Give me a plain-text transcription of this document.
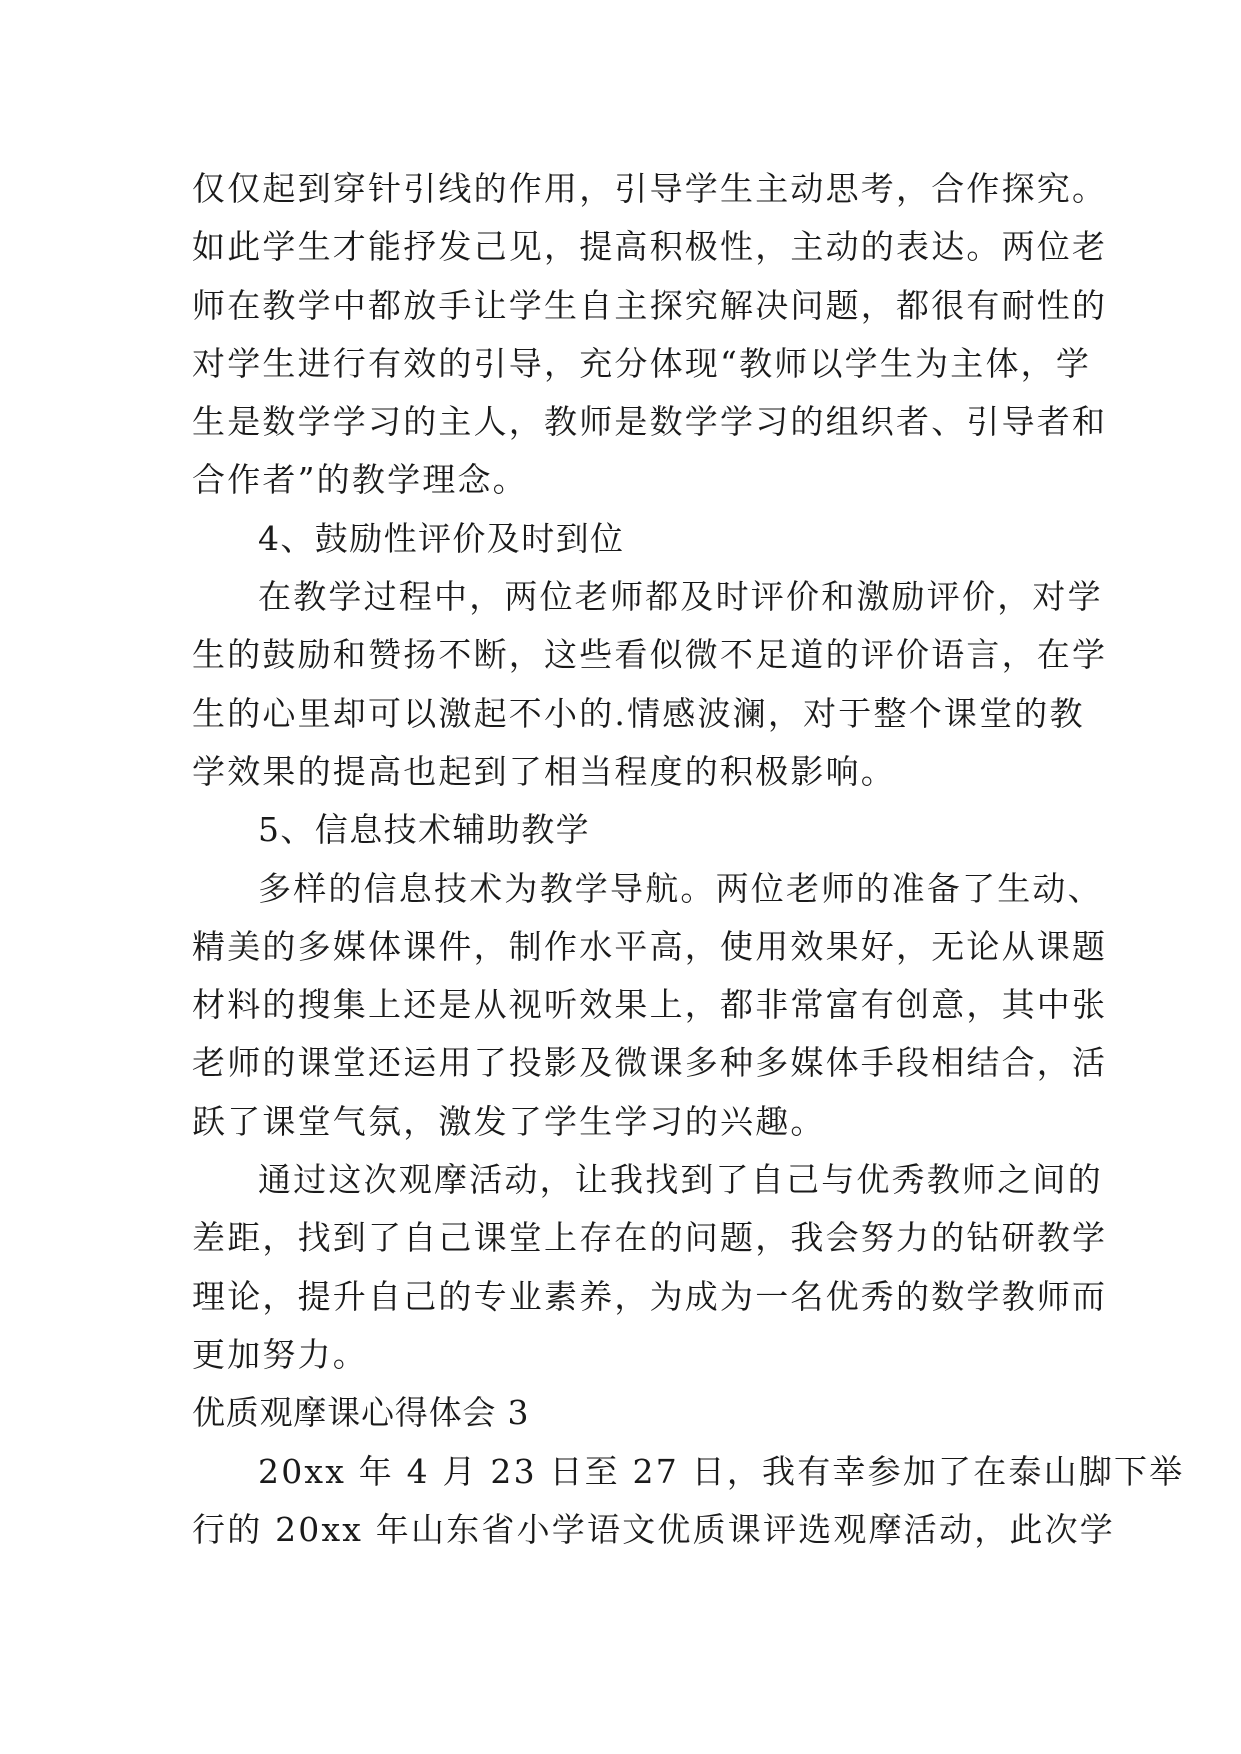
仅仅起到穿针引线的作用，引导学生主动思考，合作探究。
如此学生才能抒发己见，提高积极性，主动的表达。两位老
师在教学中都放手让学生自主探究解决问题，都很有耐性的
对学生进行有效的引导，充分体现“教师以学生为主体，学
生是数学学习的主人，教师是数学学习的组织者、引导者和
合作者”的教学理念。
4、鼓励性评价及时到位
在教学过程中，两位老师都及时评价和激励评价，对学
生的鼓励和赞扬不断，这些看似微不足道的评价语言，在学
生的心里却可以激起不小的.情感波澜，对于整个课堂的教
学效果的提高也起到了相当程度的积极影响。
5、信息技术辅助教学
多样的信息技术为教学导航。两位老师的准备了生动、
精美的多媒体课件，制作水平高，使用效果好，无论从课题
材料的搜集上还是从视听效果上，都非常富有创意，其中张
老师的课堂还运用了投影及微课多种多媒体手段相结合，活
跃了课堂气氛，激发了学生学习的兴趣。
通过这次观摩活动，让我找到了自己与优秀教师之间的
差距，找到了自己课堂上存在的问题，我会努力的钻研教学
理论，提升自己的专业素养，为成为一名优秀的数学教师而
更加努力。
优质观摩课心得体会 3
20xx 年 4 月 23 日至 27 日，我有幸参加了在泰山脚下举
行的 20xx 年山东省小学语文优质课评选观摩活动，此次学
